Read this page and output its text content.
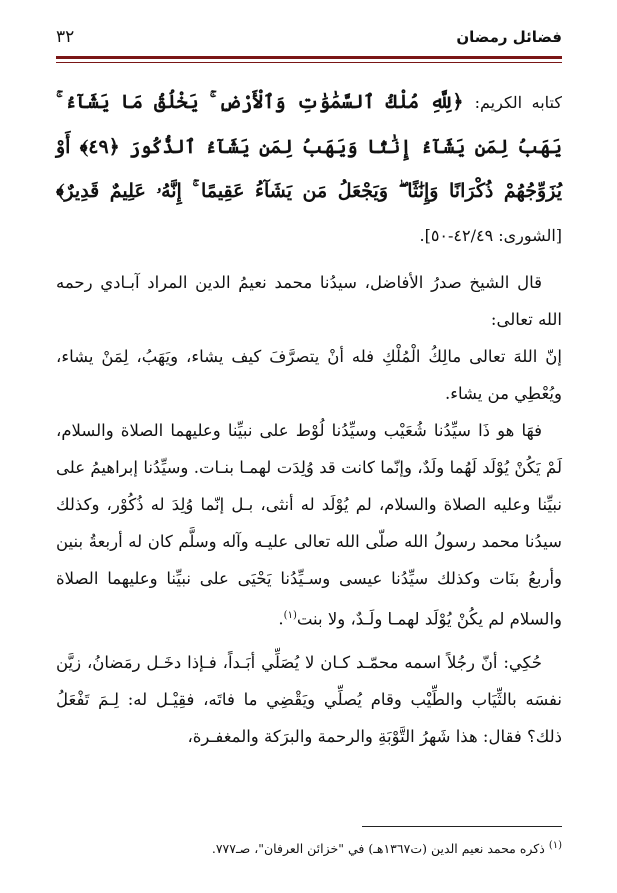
فضائل رمضان
٣٢

كتابه الكريم: ﴿لِلَّهِ مُلْكُ ٱلسَّمَٰوَٰتِ وَٱلْأَرْضِ ۚ يَخْلُقُ مَا يَشَآءُ ۚ يَهَبُ لِمَن يَشَآءُ إِنَٰثًا وَيَهَبُ لِمَن يَشَآءُ ٱلذُّكُورَ ﴿٤٩﴾ أَوْ يُزَوِّجُهُمْ ذُكْرَانًا وَإِنَٰثًا ۖ وَيَجْعَلُ مَن يَشَآءُ عَقِيمًا ۚ إِنَّهُۥ عَلِيمٌ قَدِيرٌ﴾ [الشورى: ٤٢/٤٩-٥٠].

قال الشيخ صدرُ الأفاضل، سيدُنا محمد نعيمُ الدين المراد آبـادي رحمه الله تعالى:

إنّ اللهَ تعالى مالِكُ الْمُلْكِ فله أنْ يتصرَّفَ كيف يشاء، ويَهَبُ، لِمَنْ يشاء، ويُعْطِي من يشاء.

فهَا هو ذَا سيِّدُنا شُعَيْب وسيِّدُنا لُوْط على نبيِّنا وعليهما الصلاة والسلام، لَمْ يَكُنْ يُوْلَد لَهُما ولَدٌ، وإنّما كانت قد وُلِدَت لهمـا بنـات. وسيِّدُنا إبراهيمُ على نبيِّنا وعليه الصلاة والسلام، لم يُوْلَد له أنثى، بـل إنّما وُلِدَ له ذُكُوْر، وكذلك سيدُنا محمد رسولُ الله صلّى الله تعالى عليـه وآله وسلَّم كان له أربعةُ بنين وأربعُ بنَات وكذلك سيِّدُنا عيسى وسـيِّدُنا يَحْيَى على نبيِّنا وعليهما الصلاة والسلام لم يكُنْ يُوْلَد لهمـا ولَـدٌ، ولا بنت$^{(١)}$.

حُكِي: أنّ رجُلاً اسمه محمّـد كـان لا يُصَلِّي أبَـداً، فـإذا دخَـل رمَضانُ، زيَّن نفسَه بالثِّيَاب والطِّيْب وقام يُصلِّي ويَقْضِي ما فاتَه، فقِيْـل له: لِـمَ تَفْعَلُ ذلك؟ فقال: هذا شَهرُ التَّوْبَةِ والرحمة والبرَكة والمغفـرة،

$^{(١)}$ ذكره محمد نعيم الدين (ت١٣٦٧هـ) في "خزائن العرفان"، صـ٧٧٧.
